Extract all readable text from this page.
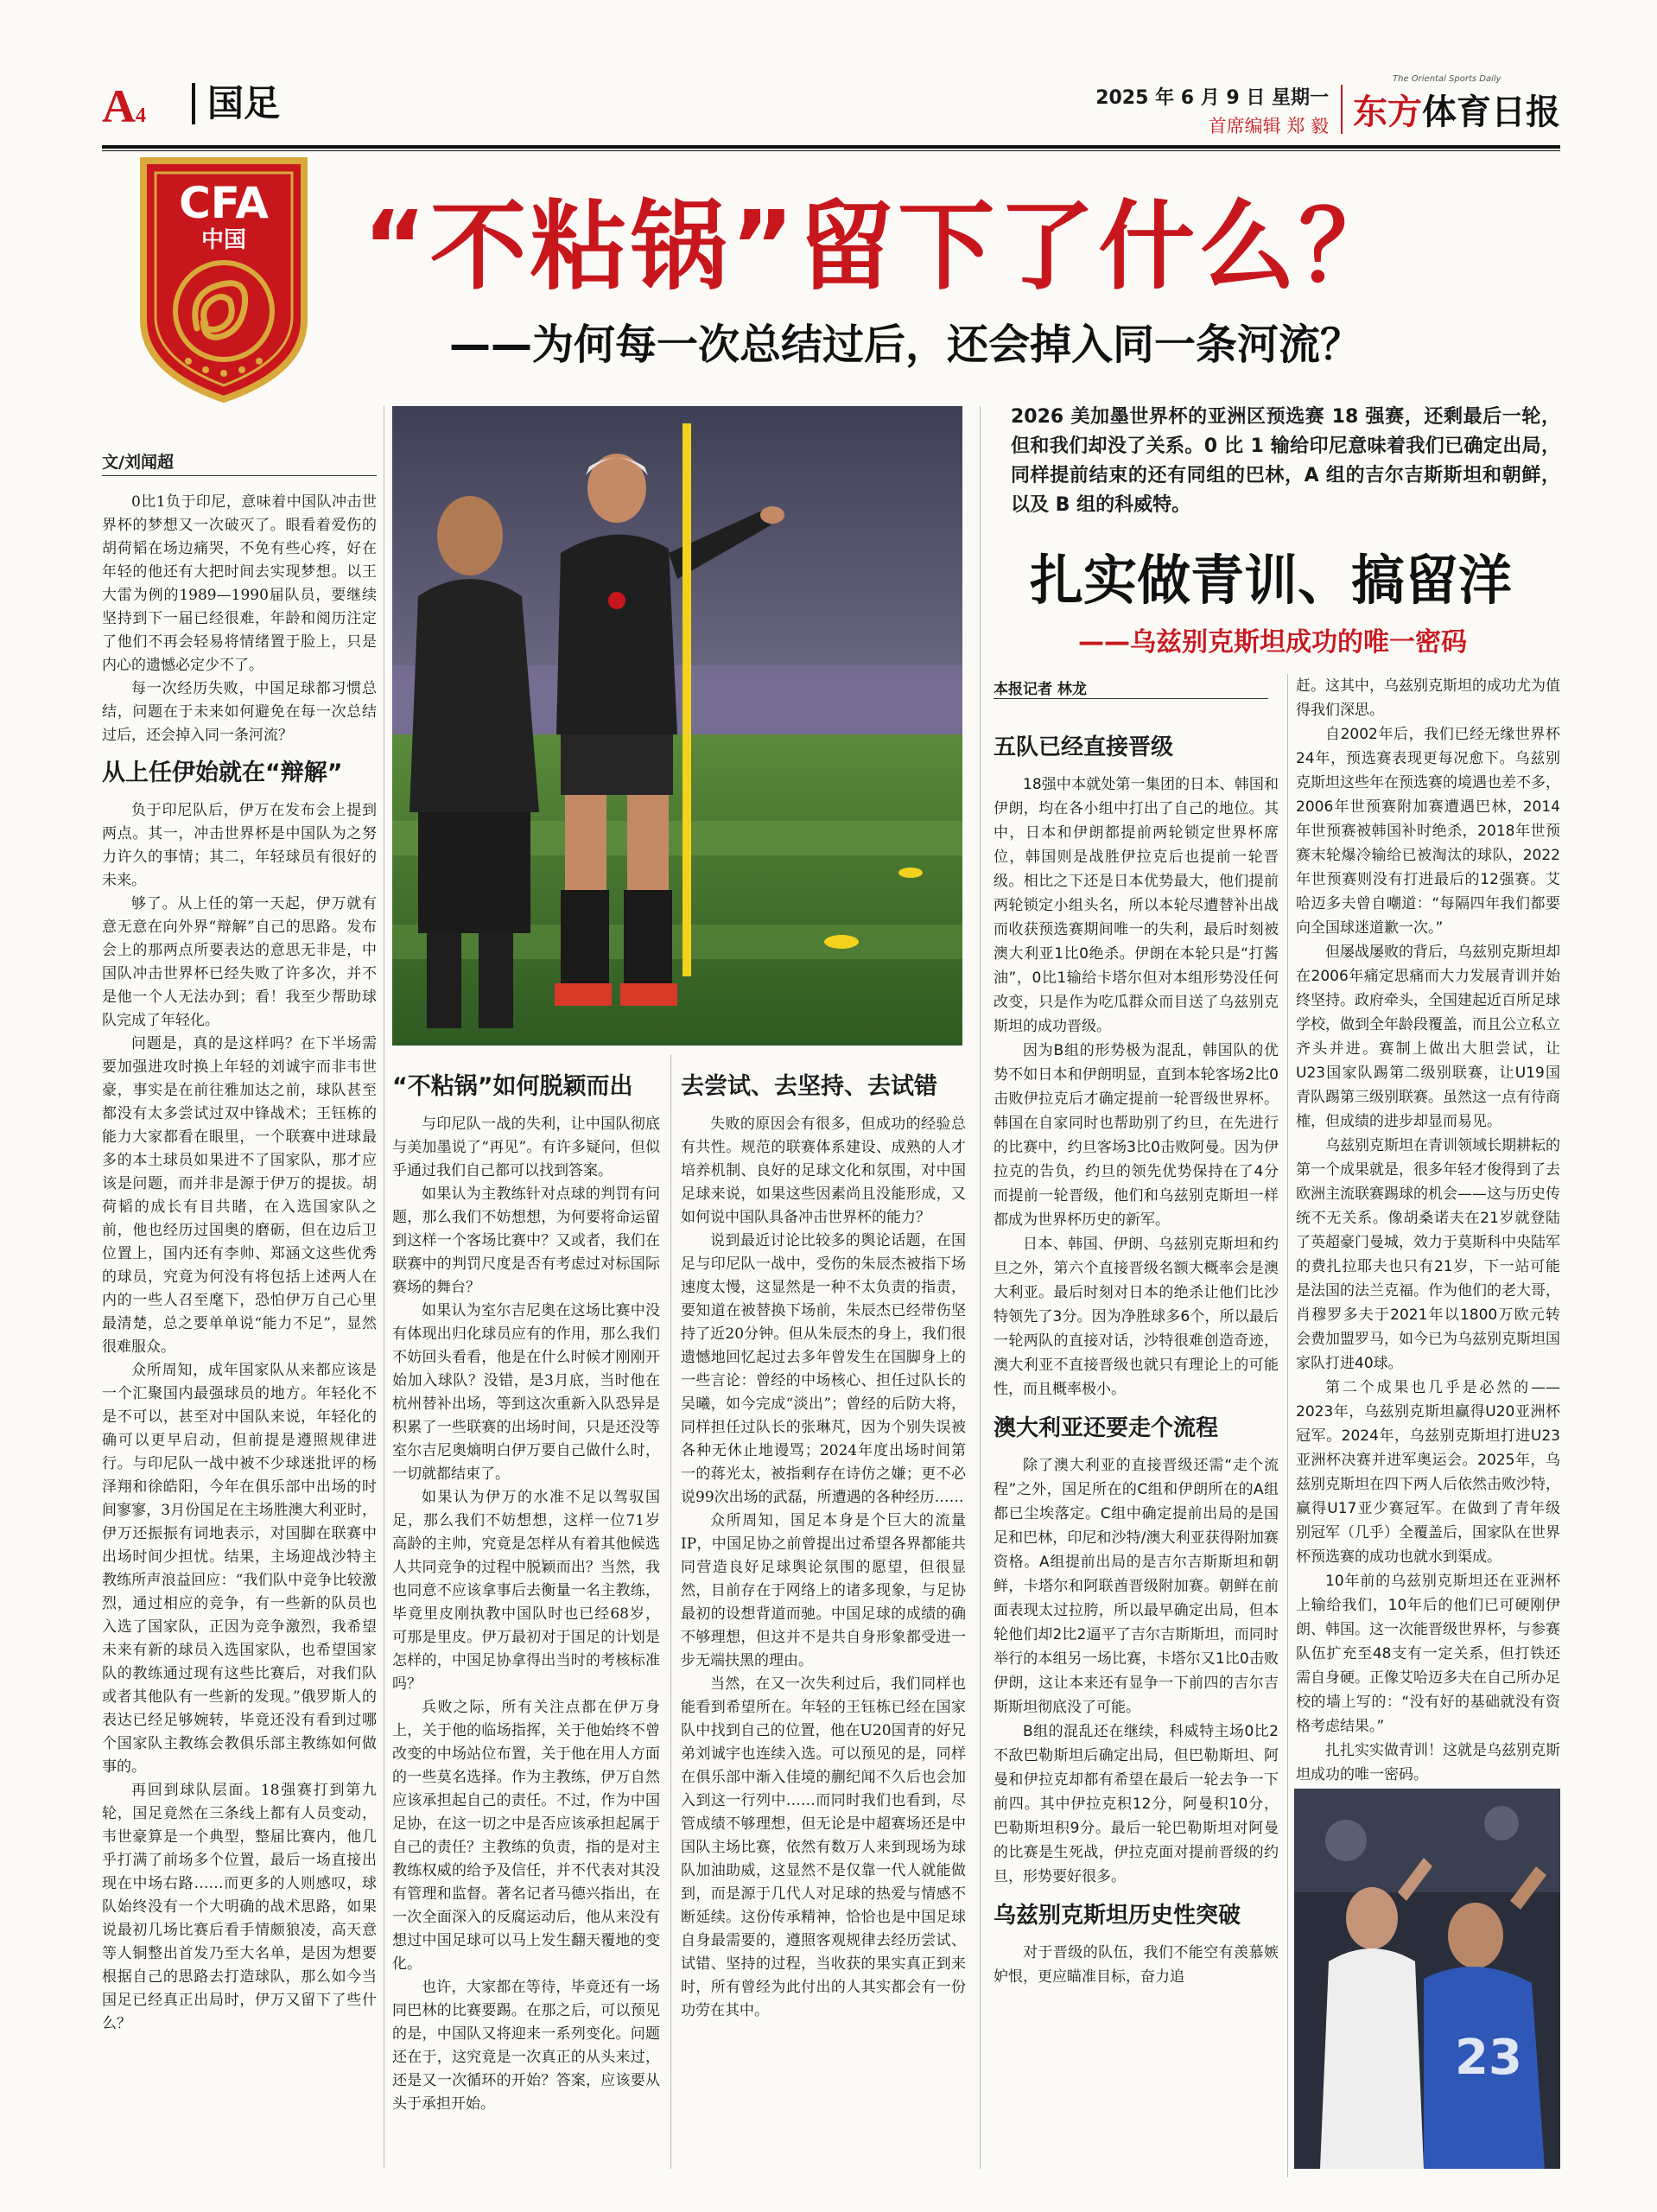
A4	国足	2025 年 6 月 9 日 星期一
首席编辑 郑 毅
The Oriental Sports Daily
东方体育日报
CFA
中国 “不粘锅”留下了什么？
——为何每一次总结过后，还会掉入同一条河流？
文/刘闻超

0比1负于印尼，意味着中国队冲击世界杯的梦想又一次破灭了。眼看着爱伤的胡荷韬在场边痛哭，不免有些心疼，好在年轻的他还有大把时间去实现梦想。以王大雷为例的1989—1990届队员，要继续坚持到下一届已经很难，年龄和阅历注定了他们不再会轻易将情绪置于脸上，只是内心的遗憾必定少不了。

每一次经历失败，中国足球都习惯总结，问题在于未来如何避免在每一次总结过后，还会掉入同一条河流？

从上任伊始就在“辩解”

负于印尼队后，伊万在发布会上提到两点。其一，冲击世界杯是中国队为之努力许久的事情；其二，年轻球员有很好的未来。

够了。从上任的第一天起，伊万就有意无意在向外界“辩解”自己的思路。发布会上的那两点所要表达的意思无非是，中国队冲击世界杯已经失败了许多次，并不是他一个人无法办到；看！我至少帮助球队完成了年轻化。

问题是，真的是这样吗？在下半场需要加强进攻时换上年轻的刘诚宇而非韦世豪，事实是在前往雅加达之前，球队甚至都没有太多尝试过双中锋战术；王钰栋的能力大家都看在眼里，一个联赛中进球最多的本土球员如果进不了国家队，那才应该是问题，而并非是源于伊万的提拔。胡荷韬的成长有目共睹，在入选国家队之前，他也经历过国奥的磨砺，但在边后卫位置上，国内还有李帅、郑涵文这些优秀的球员，究竟为何没有将包括上述两人在内的一些人召至麾下，恐怕伊万自己心里最清楚，总之要单单说“能力不足”，显然很难服众。

众所周知，成年国家队从来都应该是一个汇聚国内最强球员的地方。年轻化不是不可以，甚至对中国队来说，年轻化的确可以更早启动，但前提是遵照规律进行。与印尼队一战中被不少球迷批评的杨泽翔和徐皓阳，今年在俱乐部中出场的时间寥寥，3月份国足在主场胜澳大利亚时，伊万还振振有词地表示，对国脚在联赛中出场时间少担忧。结果，主场迎战沙特主教练所声浪益回应：“我们队中竞争比较激烈，通过相应的竞争，有一些新的队员也入选了国家队，正因为竞争激烈，我希望未来有新的球员入选国家队，也希望国家队的教练通过现有这些比赛后，对我们队或者其他队有一些新的发现。”俄罗斯人的表达已经足够婉转，毕竟还没有看到过哪个国家队主教练会教俱乐部主教练如何做事的。

再回到球队层面。18强赛打到第九轮，国足竟然在三条线上都有人员变动，韦世豪算是一个典型，整届比赛内，他几乎打满了前场多个位置，最后一场直接出现在中场右路……而更多的人则感叹，球队始终没有一个大明确的战术思路，如果说最初几场比赛后看手情颇狼凌，高天意等人铜整出首发乃至大名单，是因为想要根据自己的思路去打造球队，那么如今当国足已经真正出局时，伊万又留下了些什么？

“不粘锅”如何脱颖而出

与印尼队一战的失利，让中国队彻底与美加墨说了“再见”。有许多疑问，但似乎通过我们自己都可以找到答案。

如果认为主教练针对点球的判罚有问题，那么我们不妨想想，为何要将命运留到这样一个客场比赛中？又或者，我们在联赛中的判罚尺度是否有考虑过对标国际赛场的舞台？

如果认为室尔吉尼奥在这场比赛中没有体现出归化球员应有的作用，那么我们不妨回头看看，他是在什么时候才刚刚开始加入球队？没错，是3月底，当时他在杭州替补出场，等到这次重新入队恐异是积累了一些联赛的出场时间，只是还没等室尔吉尼奥熵明白伊万要自己做什么时，一切就都结束了。

如果认为伊万的水准不足以驾驭国足，那么我们不妨想想，这样一位71岁高龄的主帅，究竟是怎样从有着其他候选人共同竞争的过程中脱颖而出？当然，我也同意不应该拿事后去衡量一名主教练，毕竟里皮刚执教中国队时也已经68岁，可那是里皮。伊万最初对于国足的计划是怎样的，中国足协拿得出当时的考核标准吗？

兵败之际，所有关注点都在伊万身上，关于他的临场指挥，关于他始终不曾改变的中场站位布置，关于他在用人方面的一些莫名选择。作为主教练，伊万自然应该承担起自己的责任。不过，作为中国足协，在这一切之中是否应该承担起属于自己的责任？主教练的负责，指的是对主教练权威的给予及信任，并不代表对其没有管理和监督。著名记者马德兴指出，在一次全面深入的反腐运动后，他从来没有想过中国足球可以马上发生翻天覆地的变化。

也许，大家都在等待，毕竟还有一场同巴林的比赛要踢。在那之后，可以预见的是，中国队又将迎来一系列变化。问题还在于，这究竟是一次真正的从头来过，还是又一次循环的开始？答案，应该要从头于承担开始。

去尝试、去坚持、去试错

失败的原因会有很多，但成功的经验总有共性。规范的联赛体系建设、成熟的人才培养机制、良好的足球文化和氛围，对中国足球来说，如果这些因素尚且没能形成，又如何说中国队具备冲击世界杯的能力？

说到最近讨论比较多的舆论话题，在国足与印尼队一战中，受伤的朱辰杰被指下场速度太慢，这显然是一种不太负责的指责，要知道在被替换下场前，朱辰杰已经带伤坚持了近20分钟。但从朱辰杰的身上，我们很遗憾地回忆起过去多年曾发生在国脚身上的一些言论：曾经的中场核心、担任过队长的吴曦，如今完成“淡出”；曾经的后防大将，同样担任过队长的张琳芃，因为个别失误被各种无休止地谩骂；2024年度出场时间第一的蒋光太，被指剩存在诗仿之嫌；更不必说99次出场的武磊，所遭遇的各种经历……

众所周知，国足本身是个巨大的流量IP，中国足协之前曾提出过希望各界都能共同营造良好足球舆论氛围的愿望，但很显然，目前存在于网络上的诸多现象，与足协最初的设想背道而驰。中国足球的成绩的确不够理想，但这并不是共自身形象都受进一步无端扶黑的理由。

当然，在又一次失利过后，我们同样也能看到希望所在。年轻的王钰栋已经在国家队中找到自己的位置，他在U20国青的好兄弟刘诚宇也连续入选。可以预见的是，同样在俱乐部中渐入佳境的蒯纪闻不久后也会加入到这一行列中……而同时我们也看到，尽管成绩不够理想，但无论是中超赛场还是中国队主场比赛，依然有数万人来到现场为球队加油助威，这显然不是仅靠一代人就能做到，而是源于几代人对足球的热爱与情感不断延续。这份传承精神，恰恰也是中国足球自身最需要的，遵照客观规律去经历尝试、试错、坚持的过程，当收获的果实真正到来时，所有曾经为此付出的人其实都会有一份功劳在其中。

2026 美加墨世界杯的亚洲区预选赛 18 强赛，还剩最后一轮，但和我们却没了关系。0 比 1 输给印尼意味着我们已确定出局，同样提前结束的还有同组的巴林，A 组的吉尔吉斯斯坦和朝鲜，以及 B 组的科威特。
扎实做青训、搞留洋
——乌兹别克斯坦成功的唯一密码
本报记者 林龙
五队已经直接晋级

18强中本就处第一集团的日本、韩国和伊朗，均在各小组中打出了自己的地位。其中，日本和伊朗都提前两轮锁定世界杯席位，韩国则是战胜伊拉克后也提前一轮晋级。相比之下还是日本优势最大，他们提前两轮锁定小组头名，所以本轮尽遭替补出战而收获预选赛期间唯一的失利，最后时刻被澳大利亚1比0绝杀。伊朗在本轮只是“打酱油”，0比1输给卡塔尔但对本组形势没任何改变，只是作为吃瓜群众而目送了乌兹别克斯坦的成功晋级。

因为B组的形势极为混乱，韩国队的优势不如日本和伊朗明显，直到本轮客场2比0击败伊拉克后才确定提前一轮晋级世界杯。韩国在自家同时也帮助别了约旦，在先进行的比赛中，约旦客场3比0击败阿曼。因为伊拉克的告负，约旦的领先优势保持在了4分而提前一轮晋级，他们和乌兹别克斯坦一样都成为世界杯历史的新军。

日本、韩国、伊朗、乌兹别克斯坦和约旦之外，第六个直接晋级名额大概率会是澳大利亚。最后时刻对日本的绝杀让他们比沙特领先了3分。因为净胜球多6个，所以最后一轮两队的直接对话，沙特很难创造奇迹，澳大利亚不直接晋级也就只有理论上的可能性，而且概率极小。

澳大利亚还要走个流程

除了澳大利亚的直接晋级还需“走个流程”之外，国足所在的C组和伊朗所在的A组都已尘埃落定。C组中确定提前出局的是国足和巴林，印尼和沙特/澳大利亚获得附加赛资格。A组提前出局的是吉尔吉斯斯坦和朝鲜，卡塔尔和阿联酋晋级附加赛。朝鲜在前面表现太过拉胯，所以最早确定出局，但本轮他们却2比2逼平了吉尔吉斯斯坦，而同时举行的本组另一场比赛，卡塔尔又1比0击败伊朗，这让本来还有显争一下前四的吉尔吉斯斯坦彻底没了可能。

B组的混乱还在继续，科威特主场0比2不敌巴勒斯坦后确定出局，但巴勒斯坦、阿曼和伊拉克却都有希望在最后一轮去争一下前四。其中伊拉克积12分，阿曼积10分，巴勒斯坦积9分。最后一轮巴勒斯坦对阿曼的比赛是生死战，伊拉克面对提前晋级的约旦，形势要好很多。

乌兹别克斯坦历史性突破

对于晋级的队伍，我们不能空有羡慕嫉妒恨，更应瞄准目标，奋力追

赶。这其中，乌兹别克斯坦的成功尤为值得我们深思。

自2002年后，我们已经无缘世界杯24年，预选赛表现更每况愈下。乌兹别克斯坦这些年在预选赛的境遇也差不多，2006年世预赛附加赛遭遇巴林，2014年世预赛被韩国补时绝杀，2018年世预赛末轮爆冷输给已被淘汰的球队，2022年世预赛则没有打进最后的12强赛。艾哈迈多夫曾自嘲道：“每隔四年我们都要向全国球迷道歉一次。”

但屡战屡败的背后，乌兹别克斯坦却在2006年痛定思痛而大力发展青训并始终坚持。政府牵头，全国建起近百所足球学校，做到全年龄段覆盖，而且公立私立齐头并进。赛制上做出大胆尝试，让U23国家队踢第二级别联赛，让U19国青队踢第三级别联赛。虽然这一点有待商榷，但成绩的进步却显而易见。

乌兹别克斯坦在青训领域长期耕耘的第一个成果就是，很多年轻才俊得到了去欧洲主流联赛踢球的机会——这与历史传统不无关系。像胡桑诺夫在21岁就登陆了英超豪门曼城，效力于莫斯科中央陆军的费扎拉耶夫也只有21岁，下一站可能是法国的法兰克福。作为他们的老大哥，肖穆罗多夫于2021年以1800万欧元转会费加盟罗马，如今已为乌兹别克斯坦国家队打进40球。

第二个成果也几乎是必然的——2023年，乌兹别克斯坦赢得U20亚洲杯冠军。2024年，乌兹别克斯坦打进U23亚洲杯决赛并进军奥运会。2025年，乌兹别克斯坦在四下两人后依然击败沙特，赢得U17亚少赛冠军。在做到了青年级别冠军（几乎）全覆盖后，国家队在世界杯预选赛的成功也就水到渠成。

10年前的乌兹别克斯坦还在亚洲杯上输给我们，10年后的他们已可硬刚伊朗、韩国。这一次能晋级世界杯，与参赛队伍扩充至48支有一定关系，但打铁还需自身硬。正像艾哈迈多夫在自己所办足校的墙上写的：“没有好的基础就没有资格考虑结果。”

扎扎实实做青训！这就是乌兹别克斯坦成功的唯一密码。

23
